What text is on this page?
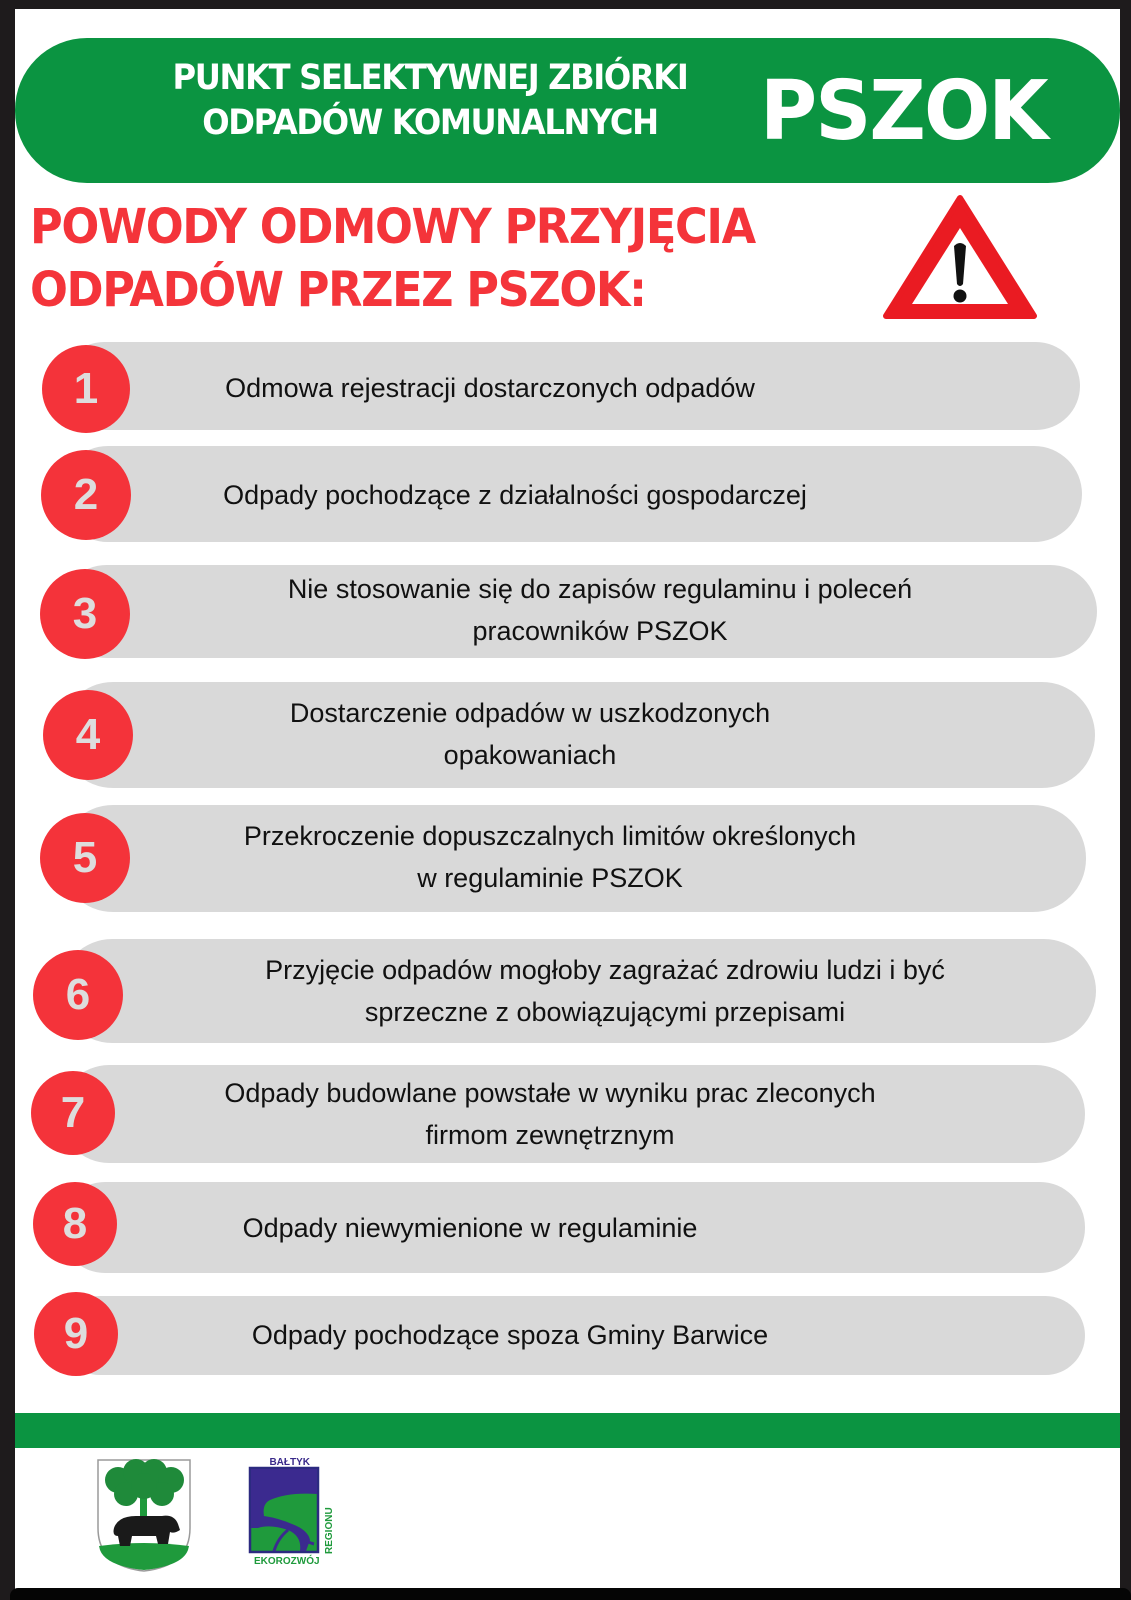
PUNKT SELEKTYWNEJ ZBIÓRKI
ODPADÓW KOMUNALNYCH	PSZOK
POWODY ODMOWY PRZYJĘCIA
ODPADÓW PRZEZ PSZOK:
Odmowa rejestracji dostarczonych odpadów
1
Odpady pochodzące z działalności gospodarczej
2
Nie stosowanie się do zapisów regulaminu i poleceń
pracowników PSZOK
3
Dostarczenie odpadów w uszkodzonych
opakowaniach
4
Przekroczenie dopuszczalnych limitów określonych
w regulaminie PSZOK
5
Przyjęcie odpadów mogłoby zagrażać zdrowiu ludzi i być
sprzeczne z obowiązującymi przepisami
6
Odpady budowlane powstałe w wyniku prac zleconych
firmom zewnętrznym
7
Odpady niewymienione w regulaminie
8
Odpady pochodzące spoza Gminy Barwice
9
BAŁTYK
EKOROZWÓJ
REGIONU
